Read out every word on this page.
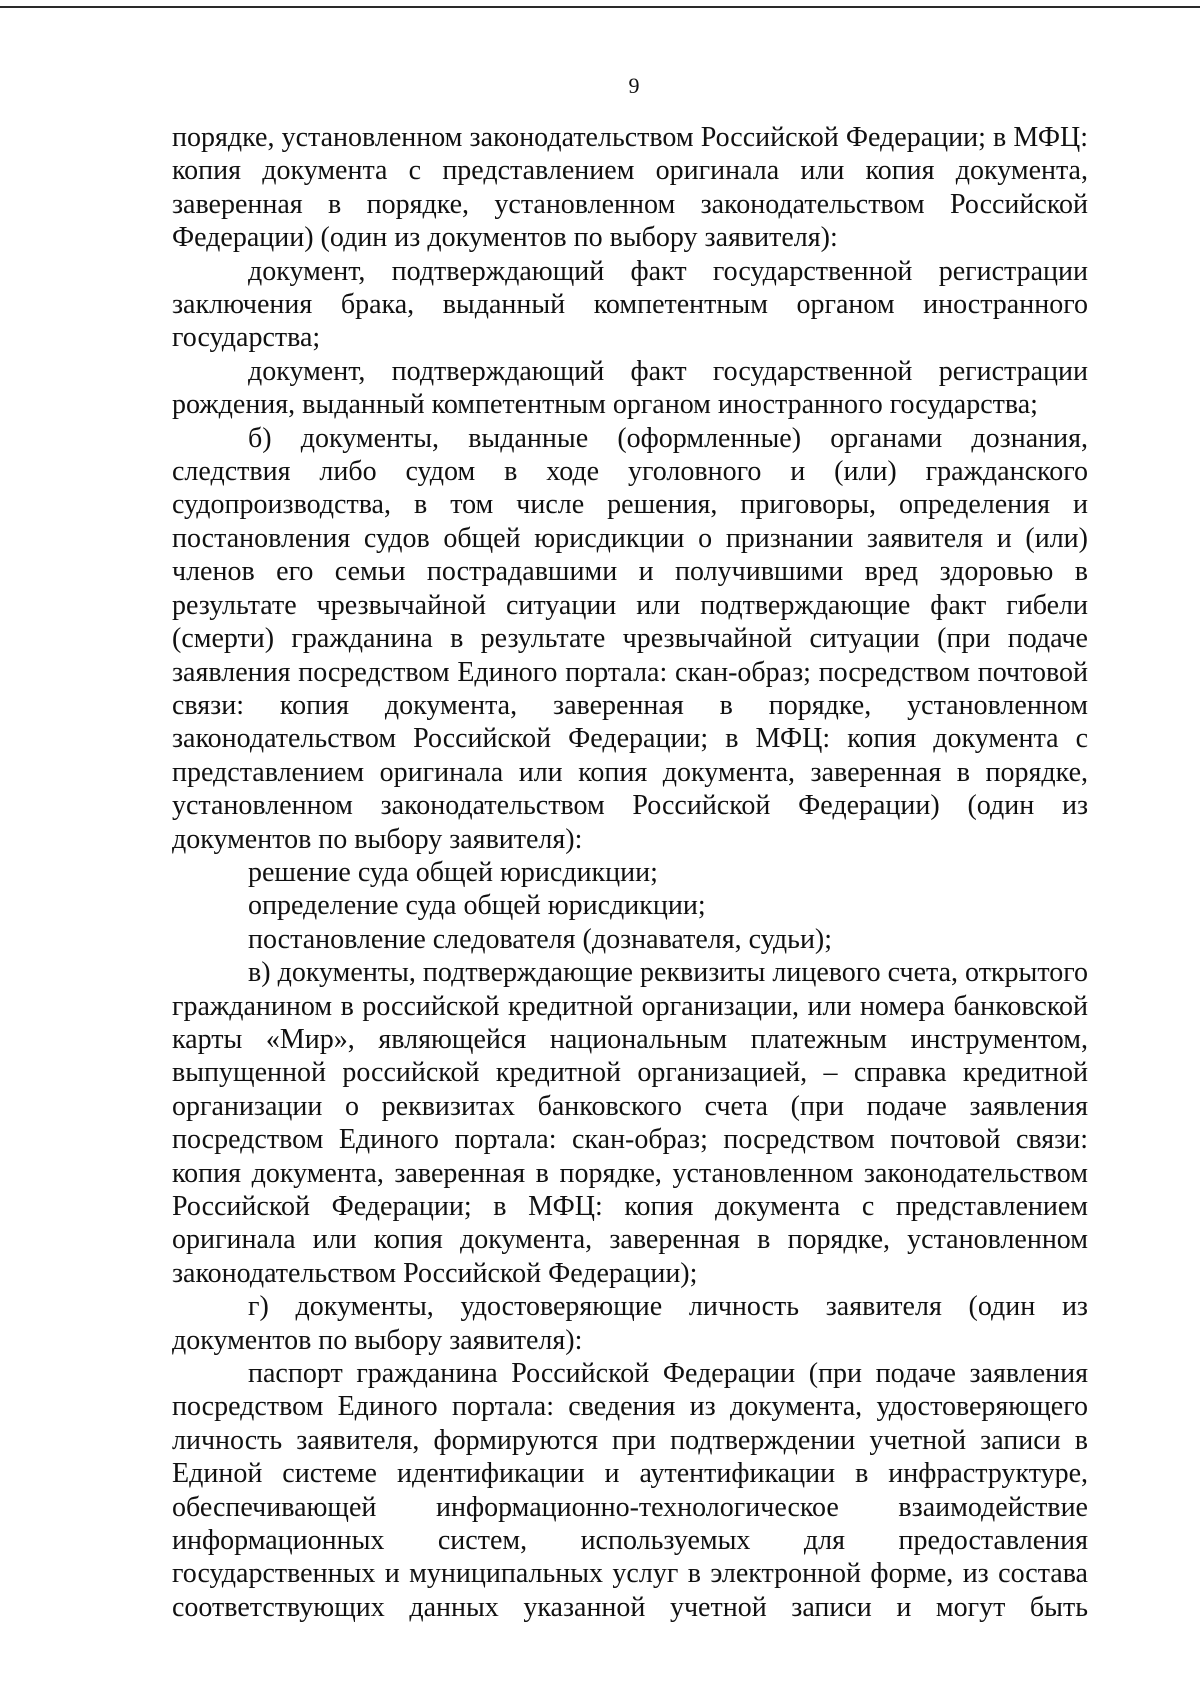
9

порядке, установленном законодательством Российской Федерации; в МФЦ: копия документа с представлением оригинала или копия документа, заверенная в порядке, установленном законодательством Российской Федерации) (один из документов по выбору заявителя):

документ, подтверждающий факт государственной регистрации заключения брака, выданный компетентным органом иностранного государства;

документ, подтверждающий факт государственной регистрации рождения, выданный компетентным органом иностранного государства;

б) документы, выданные (оформленные) органами дознания, следствия либо судом в ходе уголовного и (или) гражданского судопроизводства, в том числе решения, приговоры, определения и постановления судов общей юрисдикции о признании заявителя и (или) членов его семьи пострадавшими и получившими вред здоровью в результате чрезвычайной ситуации или подтверждающие факт гибели (смерти) гражданина в результате чрезвычайной ситуации (при подаче заявления посредством Единого портала: скан-образ; посредством почтовой связи: копия документа, заверенная в порядке, установленном законодательством Российской Федерации; в МФЦ: копия документа с представлением оригинала или копия документа, заверенная в порядке, установленном законодательством Российской Федерации) (один из документов по выбору заявителя):

решение суда общей юрисдикции;

определение суда общей юрисдикции;

постановление следователя (дознавателя, судьи);

в) документы, подтверждающие реквизиты лицевого счета, открытого гражданином в российской кредитной организации, или номера банковской карты «Мир», являющейся национальным платежным инструментом, выпущенной российской кредитной организацией, – справка кредитной организации о реквизитах банковского счета (при подаче заявления посредством Единого портала: скан-образ; посредством почтовой связи: копия документа, заверенная в порядке, установленном законодательством Российской Федерации; в МФЦ: копия документа с представлением оригинала или копия документа, заверенная в порядке, установленном законодательством Российской Федерации);

г) документы, удостоверяющие личность заявителя (один из документов по выбору заявителя):

паспорт гражданина Российской Федерации (при подаче заявления посредством Единого портала: сведения из документа, удостоверяющего личность заявителя, формируются при подтверждении учетной записи в Единой системе идентификации и аутентификации в инфраструктуре, обеспечивающей информационно-технологическое взаимодействие информационных систем, используемых для предоставления государственных и муниципальных услуг в электронной форме, из состава соответствующих данных указанной учетной записи и могут быть
